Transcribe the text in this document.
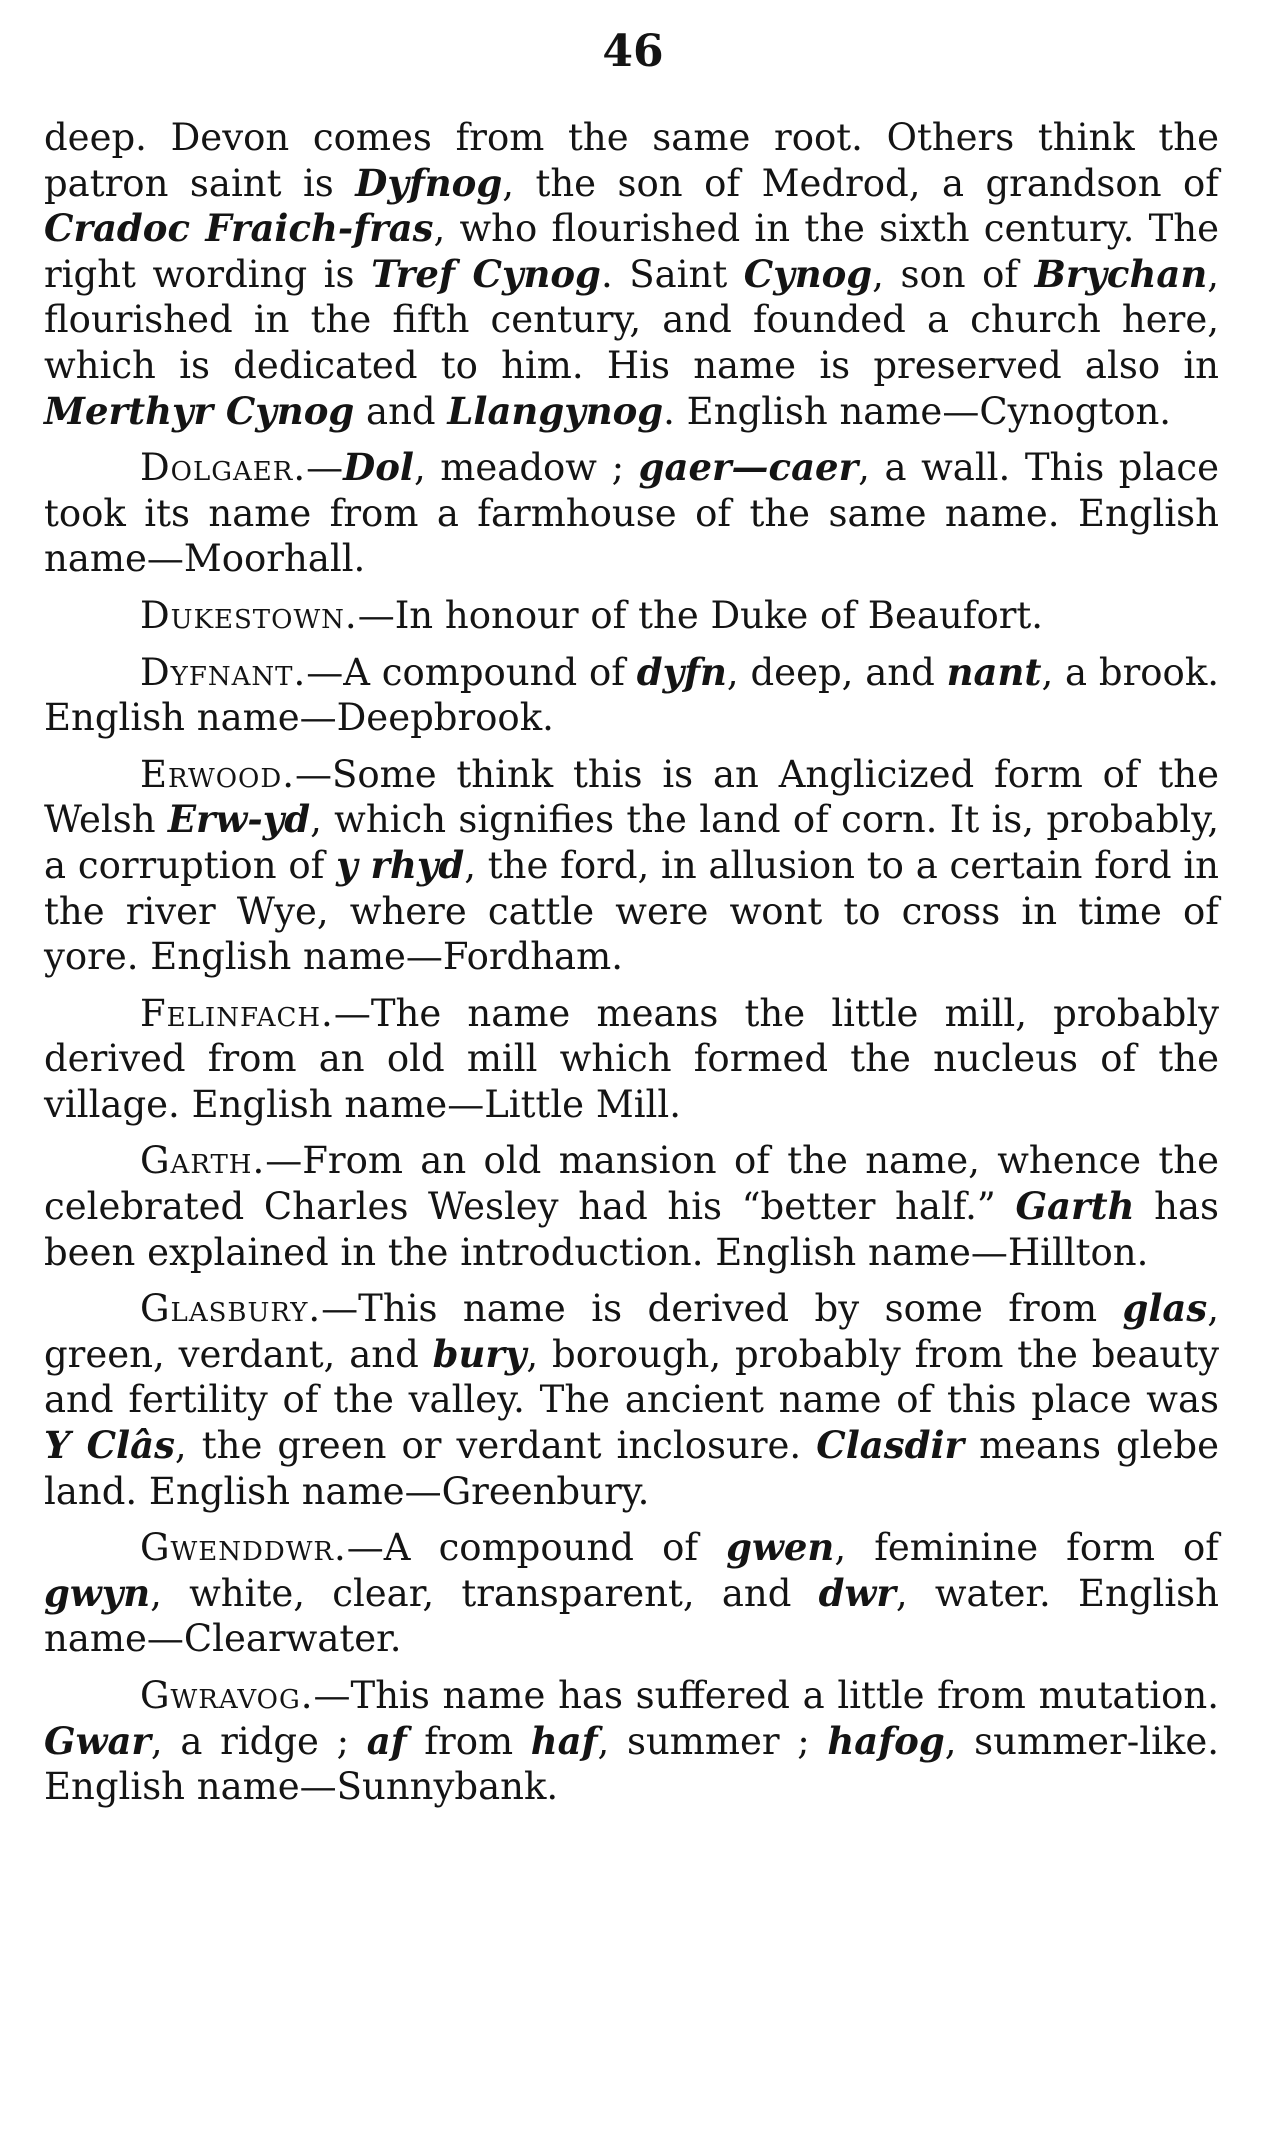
46

deep. Devon comes from the same root. Others think the patron saint is Dyfnog, the son of Medrod, a grandson of Cradoc Fraich-fras, who flourished in the sixth century. The right wording is Tref Cynog. Saint Cynog, son of Brychan, flourished in the fifth century, and founded a church here, which is dedicated to him. His name is preserved also in Merthyr Cynog and Llangynog. English name—Cynogton.

Dolgaer.—Dol, meadow ; gaer—caer, a wall. This place took its name from a farmhouse of the same name. English name—Moorhall.

Dukestown.—In honour of the Duke of Beaufort.

Dyfnant.—A compound of dyfn, deep, and nant, a brook. English name—Deepbrook.

Erwood.—Some think this is an Anglicized form of the Welsh Erw-yd, which signifies the land of corn. It is, probably, a corruption of y rhyd, the ford, in allusion to a certain ford in the river Wye, where cattle were wont to cross in time of yore. English name—Fordham.

Felinfach.—The name means the little mill, probably derived from an old mill which formed the nucleus of the village. English name—Little Mill.

Garth.—From an old mansion of the name, whence the celebrated Charles Wesley had his “better half.” Garth has been explained in the introduction. English name—Hillton.

Glasbury.—This name is derived by some from glas, green, verdant, and bury, borough, probably from the beauty and fertility of the valley. The ancient name of this place was Y Clâs, the green or verdant inclosure. Clasdir means glebe land. English name—Greenbury.

Gwenddwr.—A compound of gwen, feminine form of gwyn, white, clear, transparent, and dwr, water. English name—Clearwater.

Gwravog.—This name has suffered a little from mutation. Gwar, a ridge ; af from haf, summer ; hafog, summer-like. English name—Sunnybank.
